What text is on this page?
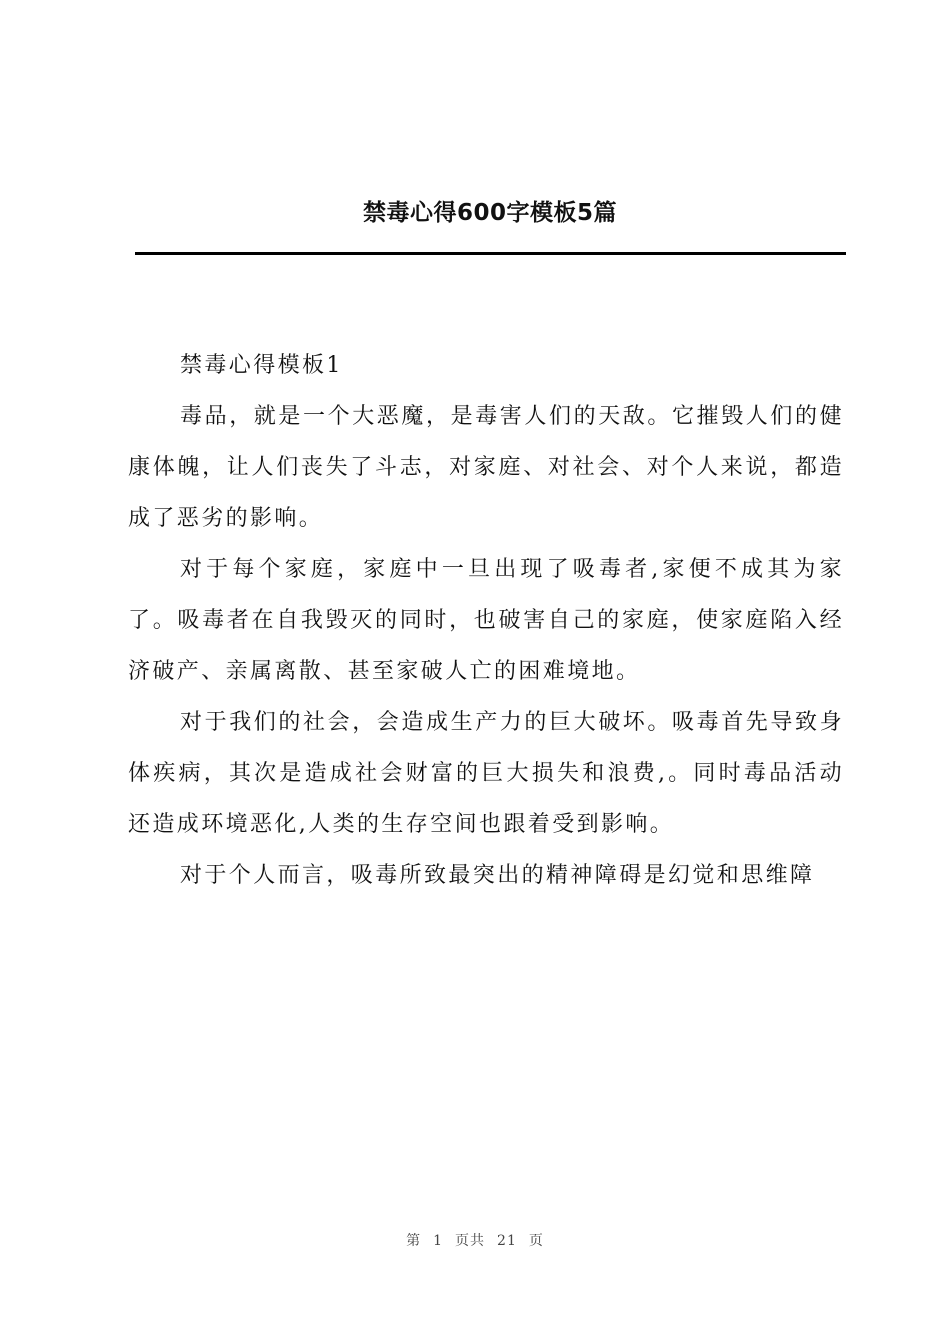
禁毒心得600字模板5篇

禁毒心得模板1

毒品，就是一个大恶魔，是毒害人们的天敌。它摧毁人们的健康体魄，让人们丧失了斗志，对家庭、对社会、对个人来说，都造成了恶劣的影响。

对于每个家庭，家庭中一旦出现了吸毒者,家便不成其为家了。吸毒者在自我毁灭的同时，也破害自己的家庭，使家庭陷入经济破产、亲属离散、甚至家破人亡的困难境地。

对于我们的社会，会造成生产力的巨大破坏。吸毒首先导致身体疾病，其次是造成社会财富的巨大损失和浪费,。同时毒品活动还造成环境恶化,人类的生存空间也跟着受到影响。

对于个人而言，吸毒所致最突出的精神障碍是幻觉和思维障

第 1 页共 21 页
